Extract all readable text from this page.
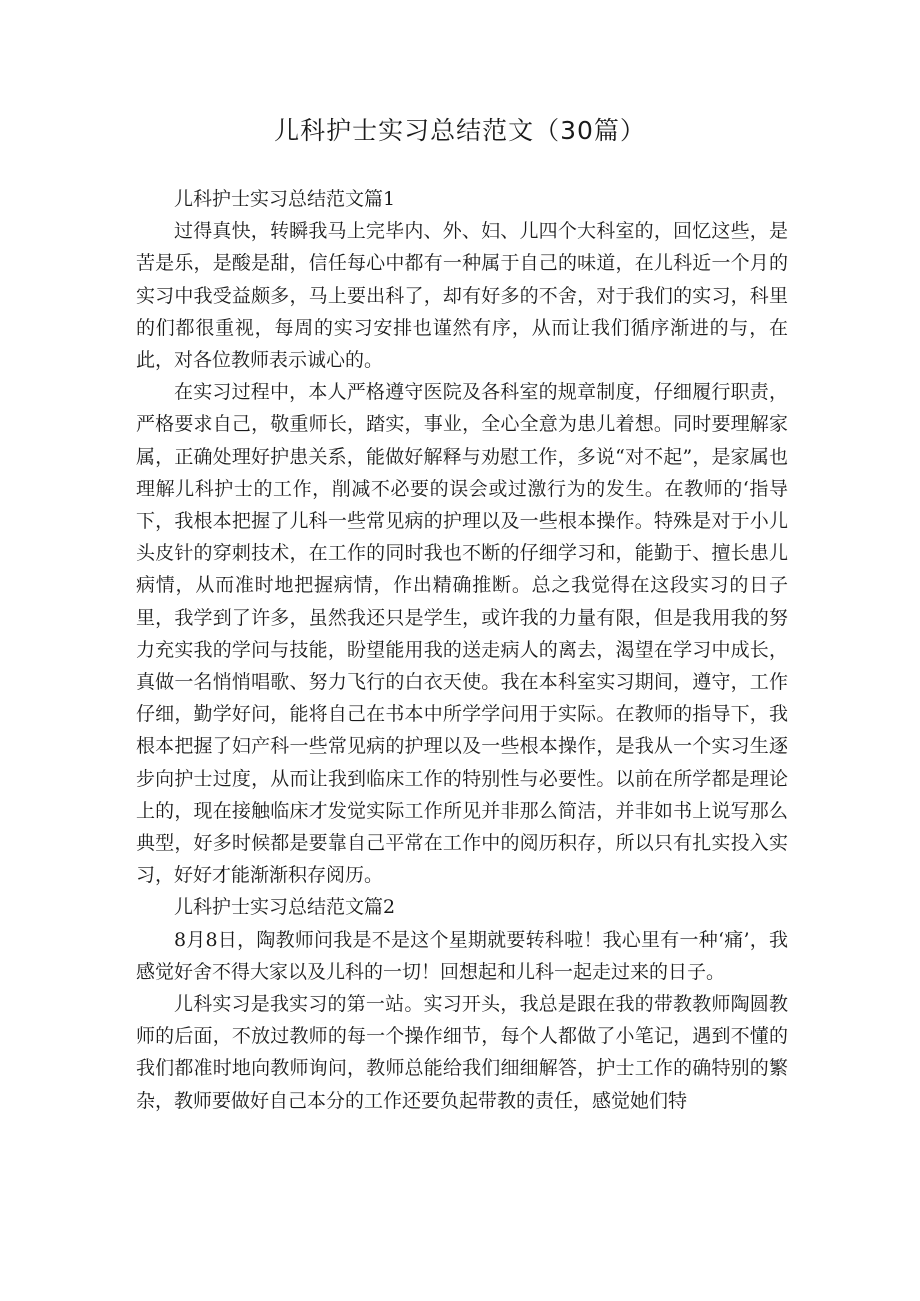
儿科护士实习总结范文（30篇）

儿科护士实习总结范文篇1

过得真快，转瞬我马上完毕内、外、妇、儿四个大科室的，回忆这些，是苦是乐，是酸是甜，信任每心中都有一种属于自己的味道，在儿科近一个月的实习中我受益颇多，马上要出科了，却有好多的不舍，对于我们的实习，科里的们都很重视，每周的实习安排也谨然有序，从而让我们循序渐进的与，在此，对各位教师表示诚心的。

在实习过程中，本人严格遵守医院及各科室的规章制度，仔细履行职责，严格要求自己，敬重师长，踏实，事业，全心全意为患儿着想。同时要理解家属，正确处理好护患关系，能做好解释与劝慰工作，多说“对不起”，是家属也理解儿科护士的工作，削减不必要的误会或过激行为的发生。在教师的‘指导下，我根本把握了儿科一些常见病的护理以及一些根本操作。特殊是对于小儿头皮针的穿刺技术，在工作的同时我也不断的仔细学习和，能勤于、擅长患儿病情，从而准时地把握病情，作出精确推断。总之我觉得在这段实习的日子里，我学到了许多，虽然我还只是学生，或许我的力量有限，但是我用我的努力充实我的学问与技能，盼望能用我的送走病人的离去，渴望在学习中成长，真做一名悄悄唱歌、努力飞行的白衣天使。我在本科室实习期间，遵守，工作仔细，勤学好问，能将自己在书本中所学学问用于实际。在教师的指导下，我根本把握了妇产科一些常见病的护理以及一些根本操作，是我从一个实习生逐步向护士过度，从而让我到临床工作的特别性与必要性。以前在所学都是理论上的，现在接触临床才发觉实际工作所见并非那么简洁，并非如书上说写那么典型，好多时候都是要靠自己平常在工作中的阅历积存，所以只有扎实投入实习，好好才能渐渐积存阅历。

儿科护士实习总结范文篇2

8月8日，陶教师问我是不是这个星期就要转科啦！我心里有一种‘痛’，我感觉好舍不得大家以及儿科的一切！回想起和儿科一起走过来的日子。

儿科实习是我实习的第一站。实习开头，我总是跟在我的带教教师陶圆教师的后面，不放过教师的每一个操作细节，每个人都做了小笔记，遇到不懂的我们都准时地向教师询问，教师总能给我们细细解答，护士工作的确特别的繁杂，教师要做好自己本分的工作还要负起带教的责任，感觉她们特
